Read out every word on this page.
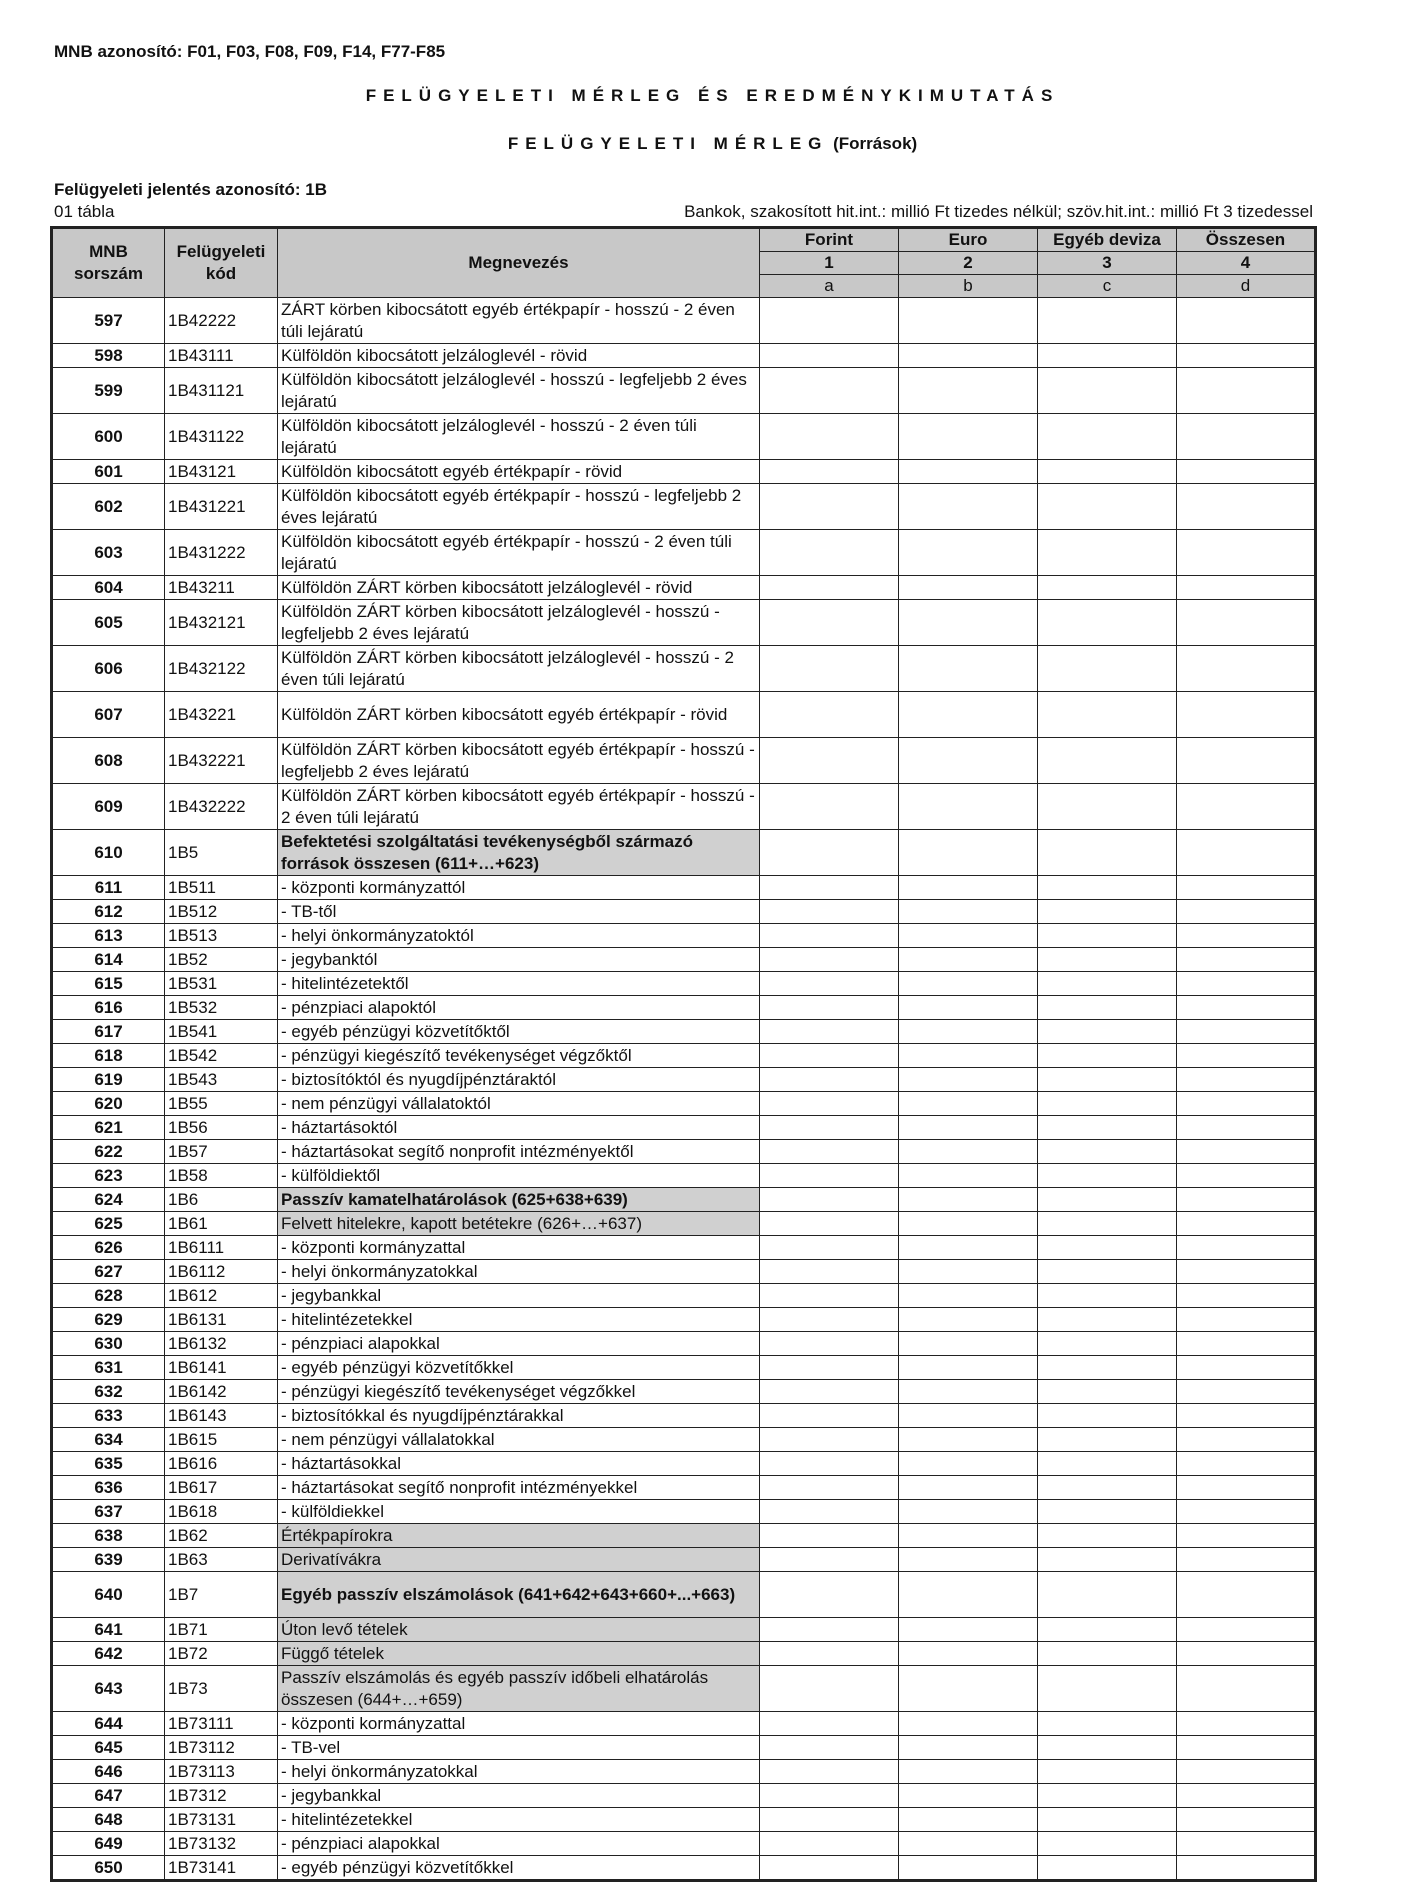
MNB azonosító: F01, F03, F08, F09, F14, F77-F85
FELÜGYELETI MÉRLEG ÉS EREDMÉNYKIMUTATÁS
FELÜGYELETI MÉRLEG (Források)
Felügyeleti jelentés azonosító: 1B
01 tábla	Bankok, szakosított hit.int.: millió Ft tizedes nélkül; szöv.hit.int.: millió Ft 3 tizedessel
MNB sorszám	Felügyeleti kód	Megnevezés	Forint	Euro	Egyéb deviza	Összesen
			1	2	3	4
			a	b	c	d
597	1B42222	ZÁRT körben kibocsátott egyéb értékpapír - hosszú - 2 éven túli lejáratú				
598	1B43111	Külföldön kibocsátott jelzáloglevél - rövid				
599	1B431121	Külföldön kibocsátott jelzáloglevél - hosszú - legfeljebb 2 éves lejáratú				
600	1B431122	Külföldön kibocsátott jelzáloglevél - hosszú - 2 éven túli lejáratú				
601	1B43121	Külföldön kibocsátott egyéb értékpapír - rövid				
602	1B431221	Külföldön kibocsátott egyéb értékpapír - hosszú - legfeljebb 2 éves lejáratú				
603	1B431222	Külföldön kibocsátott egyéb értékpapír - hosszú - 2 éven túli lejáratú				
604	1B43211	Külföldön ZÁRT körben kibocsátott jelzáloglevél - rövid				
605	1B432121	Külföldön ZÁRT körben kibocsátott jelzáloglevél - hosszú - legfeljebb 2 éves lejáratú				
606	1B432122	Külföldön ZÁRT körben kibocsátott jelzáloglevél - hosszú - 2 éven túli lejáratú				
607	1B43221	Külföldön ZÁRT körben kibocsátott egyéb értékpapír - rövid				
608	1B432221	Külföldön ZÁRT körben kibocsátott egyéb értékpapír - hosszú - legfeljebb 2 éves lejáratú				
609	1B432222	Külföldön ZÁRT körben kibocsátott egyéb értékpapír - hosszú - 2 éven túli lejáratú				
610	1B5	Befektetési szolgáltatási tevékenységből származó források összesen (611+…+623)				
611	1B511	- központi kormányzattól				
612	1B512	- TB-től				
613	1B513	- helyi önkormányzatoktól				
614	1B52	- jegybanktól				
615	1B531	- hitelintézetektől				
616	1B532	- pénzpiaci alapoktól				
617	1B541	- egyéb pénzügyi közvetítőktől				
618	1B542	- pénzügyi kiegészítő tevékenységet végzőktől				
619	1B543	- biztosítóktól és nyugdíjpénztáraktól				
620	1B55	- nem pénzügyi vállalatoktól				
621	1B56	- háztartásoktól				
622	1B57	- háztartásokat segítő nonprofit intézményektől				
623	1B58	- külföldiektől				
624	1B6	Passzív kamatelhatárolások (625+638+639)				
625	1B61	Felvett hitelekre, kapott betétekre (626+…+637)				
626	1B6111	- központi kormányzattal				
627	1B6112	- helyi önkormányzatokkal				
628	1B612	- jegybankkal				
629	1B6131	- hitelintézetekkel				
630	1B6132	- pénzpiaci alapokkal				
631	1B6141	- egyéb pénzügyi közvetítőkkel				
632	1B6142	- pénzügyi kiegészítő tevékenységet végzőkkel				
633	1B6143	- biztosítókkal és nyugdíjpénztárakkal				
634	1B615	- nem pénzügyi vállalatokkal				
635	1B616	- háztartásokkal				
636	1B617	- háztartásokat segítő nonprofit intézményekkel				
637	1B618	- külföldiekkel				
638	1B62	Értékpapírokra				
639	1B63	Derivatívákra				
640	1B7	Egyéb passzív elszámolások (641+642+643+660+...+663)				
641	1B71	Úton levő tételek				
642	1B72	Függő tételek				
643	1B73	Passzív elszámolás és egyéb passzív időbeli elhatárolás összesen (644+…+659)				
644	1B73111	- központi kormányzattal				
645	1B73112	- TB-vel				
646	1B73113	- helyi önkormányzatokkal				
647	1B7312	- jegybankkal				
648	1B73131	- hitelintézetekkel				
649	1B73132	- pénzpiaci alapokkal				
650	1B73141	- egyéb pénzügyi közvetítőkkel				
